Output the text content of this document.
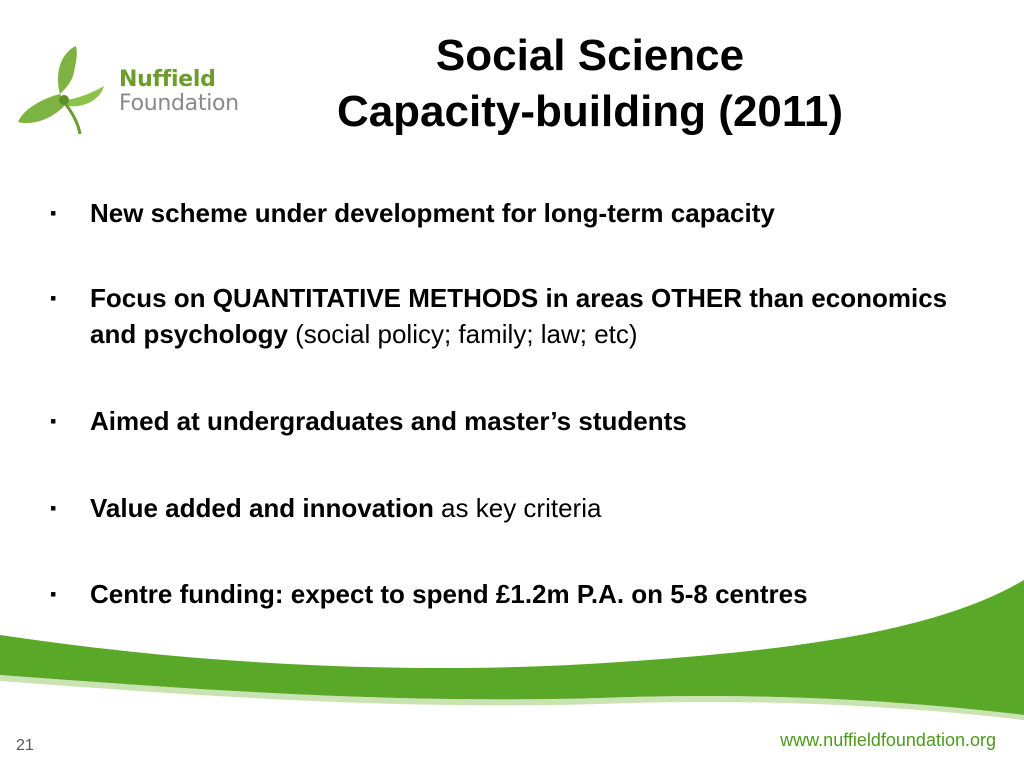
Nuffield
Foundation
Social Science
Capacity-building (2011)
▪ New scheme under development for long-term capacity
▪ Focus on QUANTITATIVE METHODS in areas OTHER than economics and psychology (social policy; family; law; etc)
▪ Aimed at undergraduates and master’s students
▪ Value added and innovation as key criteria
▪ Centre funding: expect to spend £1.2m P.A. on 5-8 centres
21	www.nuffieldfoundation.org
